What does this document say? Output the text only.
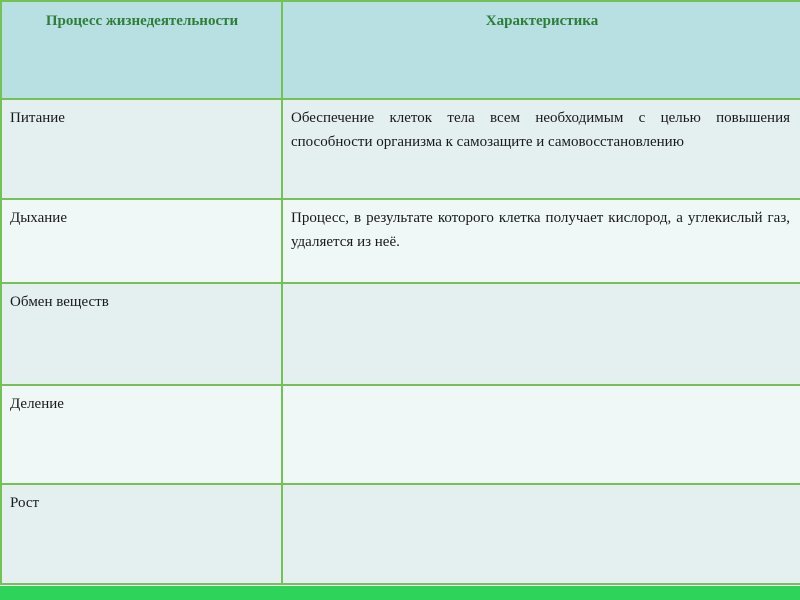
Процесс жизнедеятельности	Характеристика

Питание	Обеспечение клеток тела всем необходимым с целью повышения способности организма к самозащите и самовосстановлению

Дыхание	Процесс, в результате которого клетка получает кислород, а углекислый газ, удаляется из неё.

Обмен веществ	

Деление	

Рост	
